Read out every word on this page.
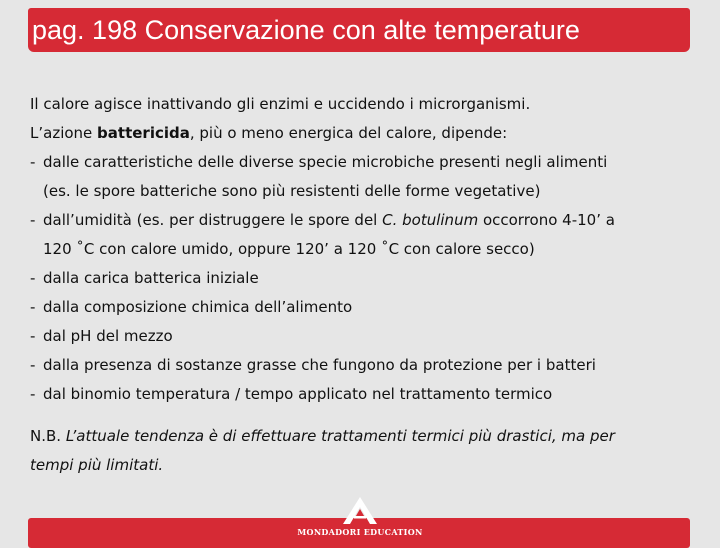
pag. 198 Conservazione con alte temperature
Il calore agisce inattivando gli enzimi e uccidendo i microrganismi.
L’azione battericida, più o meno energica del calore, dipende:
- dalle caratteristiche delle diverse specie microbiche presenti negli alimenti
(es. le spore batteriche sono più resistenti delle forme vegetative)
- dall’umidità (es. per distruggere le spore del C. botulinum occorrono 4-10’ a
120 ˚C con calore umido, oppure 120’ a 120 ˚C con calore secco)
- dalla carica batterica iniziale
- dalla composizione chimica dell’alimento
- dal pH del mezzo
- dalla presenza di sostanze grasse che fungono da protezione per i batteri
- dal binomio temperatura / tempo applicato nel trattamento termico
N.B. L’attuale tendenza è di effettuare trattamenti termici più drastici, ma per
tempi più limitati.
MONDADORI EDUCATION
